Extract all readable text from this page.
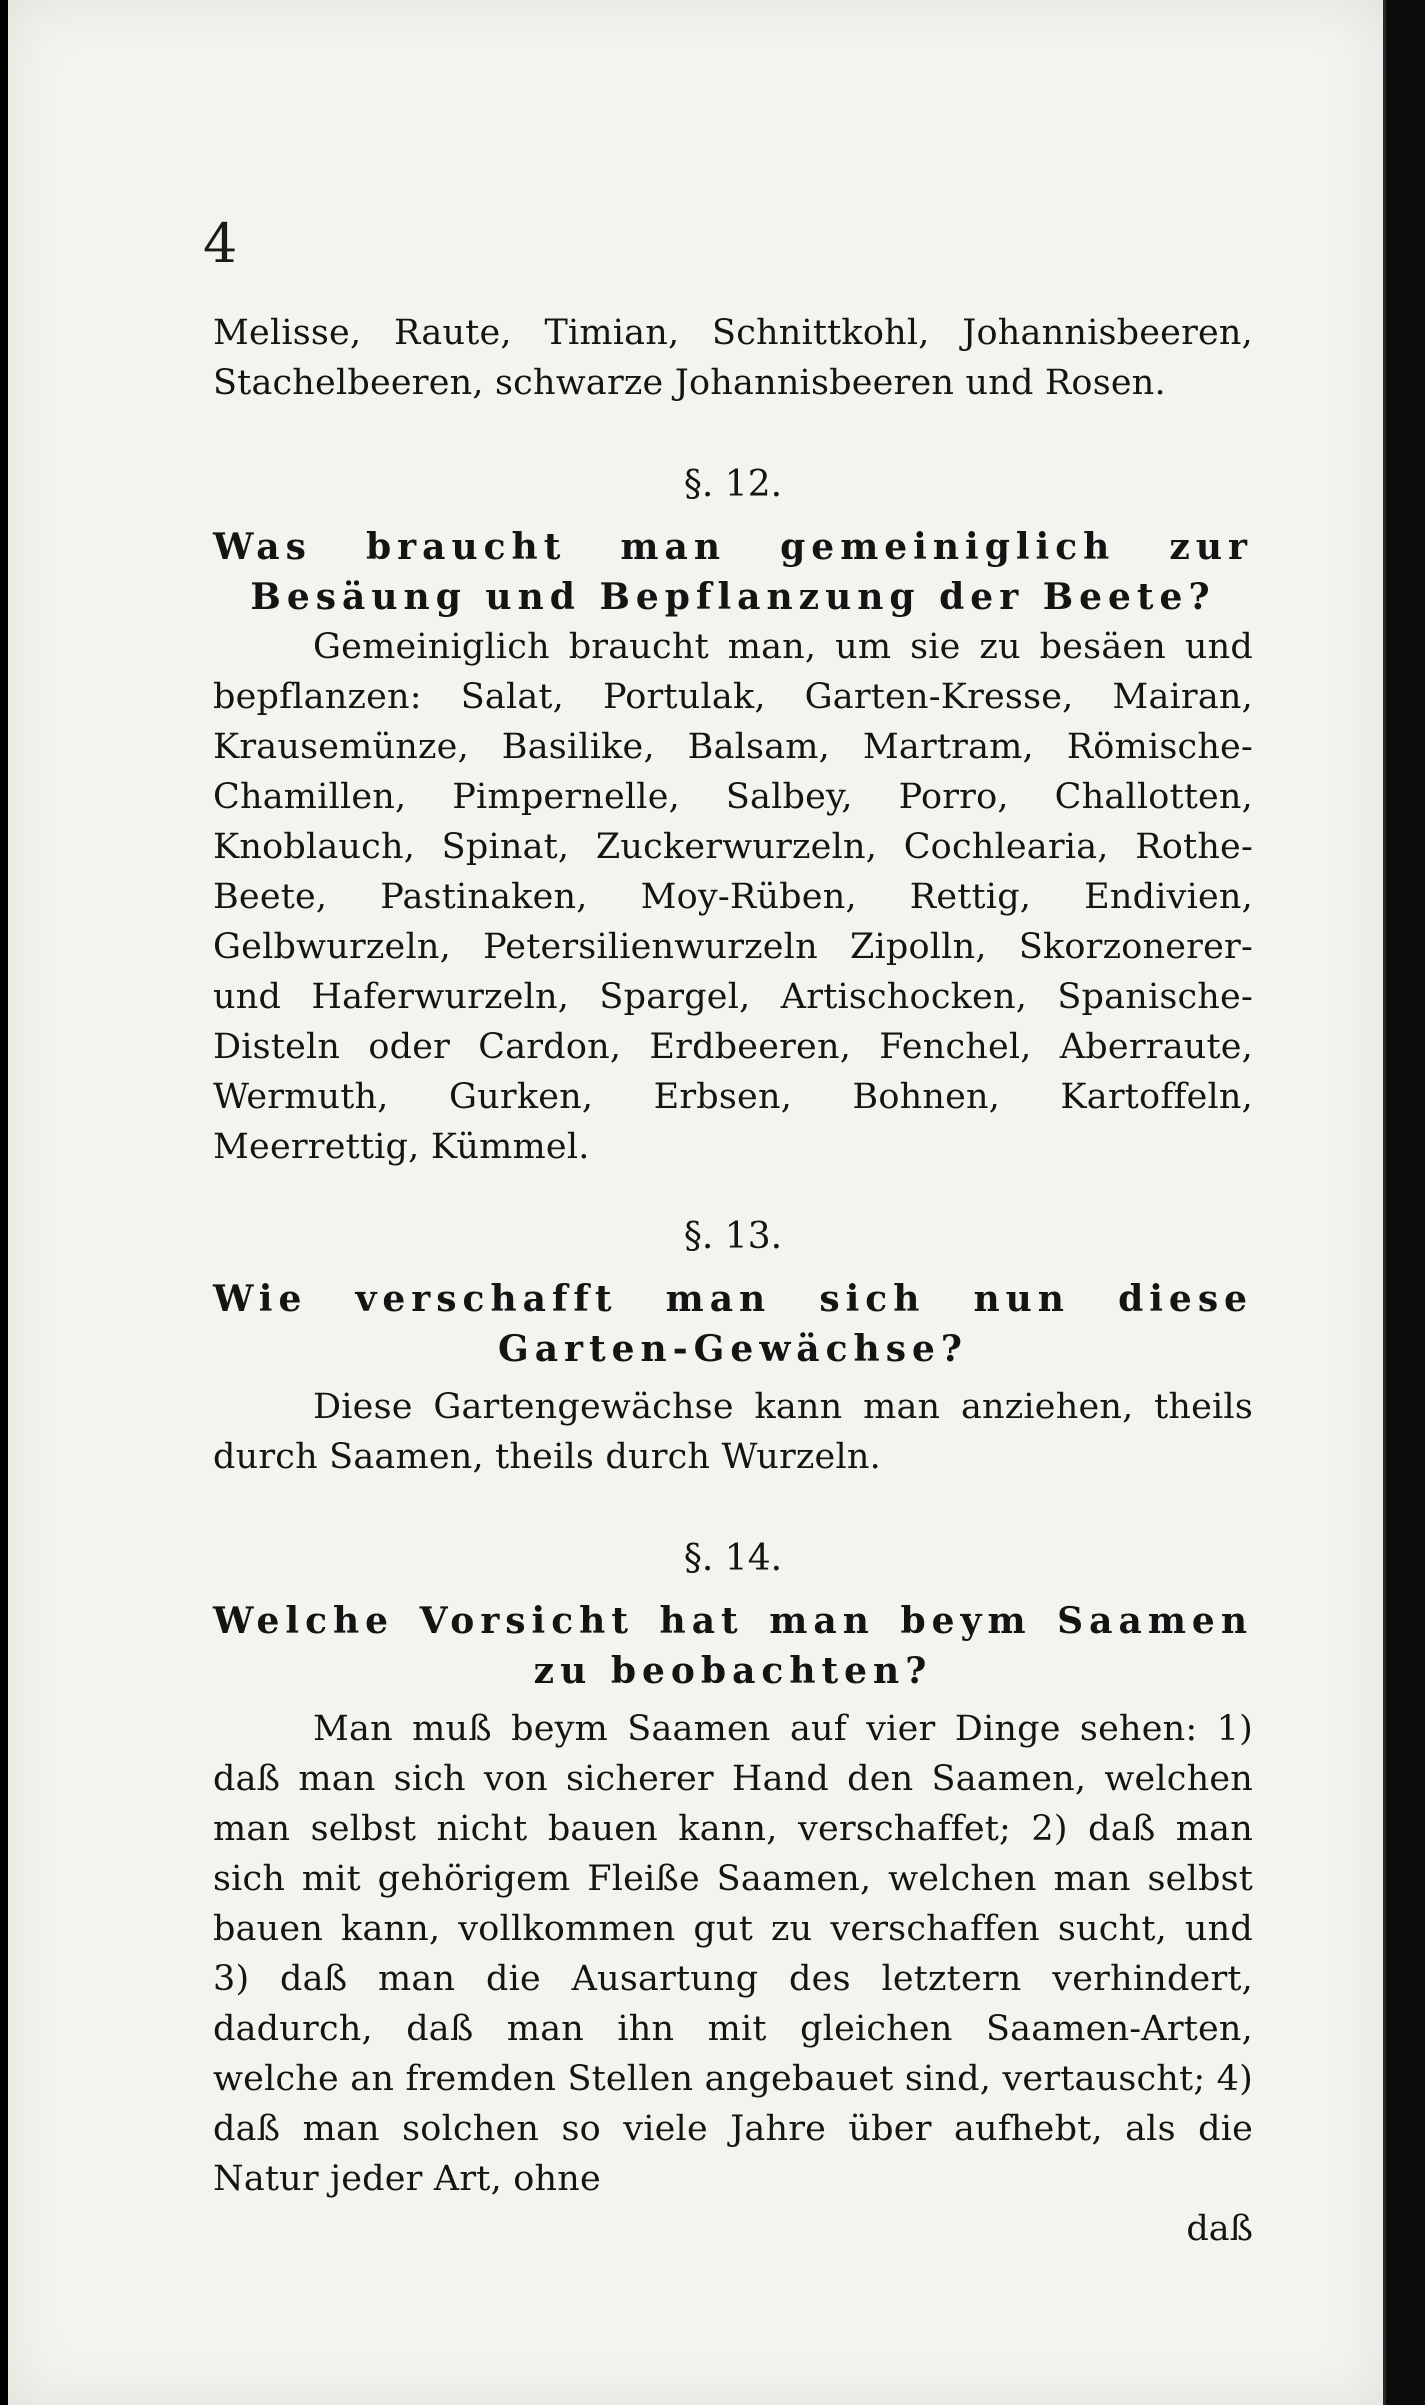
4

Melisse, Raute, Timian, Schnittkohl, Johannisbeeren, Stachelbeeren, schwarze Johannisbeeren und Rosen.

§. 12.

Was braucht man gemeiniglich zur Besäung und Bepflanzung der Beete?

Gemeiniglich braucht man, um sie zu besäen und bepflanzen: Salat, Portulak, Garten-Kresse, Mairan, Krausemünze, Basilike, Balsam, Martram, Römische-Chamillen, Pimpernelle, Salbey, Porro, Challotten, Knoblauch, Spinat, Zuckerwurzeln, Cochlearia, Rothe-Beete, Pastinaken, Moy-Rüben, Rettig, Endivien, Gelbwurzeln, Petersilienwurzeln Zipolln, Skorzonerer-und Haferwurzeln, Spargel, Artischocken, Spanische-Disteln oder Cardon, Erdbeeren, Fenchel, Aberraute, Wermuth, Gurken, Erbsen, Bohnen, Kartoffeln, Meerrettig, Kümmel.

§. 13.

Wie verschafft man sich nun diese Garten-Gewächse?

Diese Gartengewächse kann man anziehen, theils durch Saamen, theils durch Wurzeln.

§. 14.

Welche Vorsicht hat man beym Saamen zu beobachten?

Man muß beym Saamen auf vier Dinge sehen: 1) daß man sich von sicherer Hand den Saamen, welchen man selbst nicht bauen kann, verschaffet; 2) daß man sich mit gehörigem Fleiße Saamen, welchen man selbst bauen kann, vollkommen gut zu verschaffen sucht, und 3) daß man die Ausartung des letztern verhindert, dadurch, daß man ihn mit gleichen Saamen-Arten, welche an fremden Stellen angebauet sind, vertauscht; 4) daß man solchen so viele Jahre über aufhebt, als die Natur jeder Art, ohne

daß
